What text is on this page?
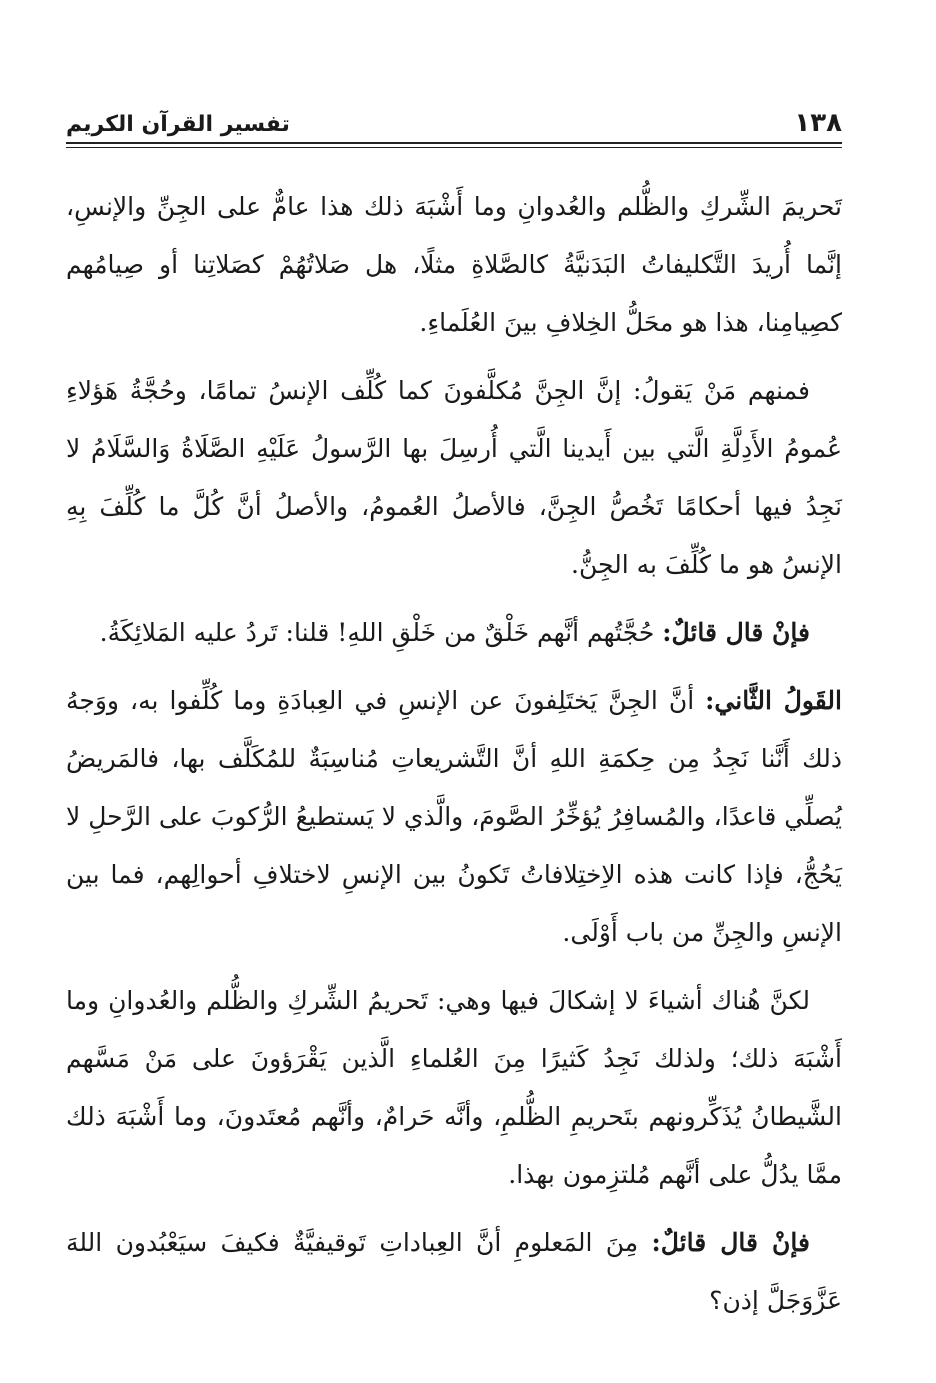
١٣٨
تفسير القرآن الكريم

تَحريمَ الشِّركِ والظُّلم والعُدوانِ وما أَشْبَهَ ذلك هذا عامٌّ على الجِنِّ والإنسِ، إنَّما أُريدَ التَّكليفاتُ البَدَنيَّةُ كالصَّلاةِ مثلًا، هل صَلاتُهُمْ كصَلاتِنا أو صِيامُهم كصِيامِنا، هذا هو محَلُّ الخِلافِ بينَ العُلَماءِ.

فمنهم مَنْ يَقولُ: إنَّ الجِنَّ مُكلَّفونَ كما كُلِّف الإنسُ تمامًا، وحُجَّةُ هَؤلاءِ عُمومُ الأَدِلَّةِ الَّتي بين أَيدينا الَّتي أُرسِلَ بها الرَّسولُ عَلَيْهِ الصَّلَاةُ وَالسَّلَامُ لا نَجِدُ فيها أحكامًا تَخُصُّ الجِنَّ، فالأصلُ العُمومُ، والأصلُ أنَّ كُلَّ ما كُلِّفَ بِهِ الإنسُ هو ما كُلِّفَ به الجِنُّ.

فإنْ قال قائلٌ: حُجَّتُهم أنَّهم خَلْقٌ من خَلْقِ اللهِ! قلنا: تَردُ عليه المَلائِكَةُ.

القَولُ الثَّاني: أنَّ الجِنَّ يَختَلِفونَ عن الإنسِ في العِبادَةِ وما كُلِّفوا به، ووَجهُ ذلك أَنَّنا نَجِدُ مِن حِكمَةِ اللهِ أنَّ التَّشريعاتِ مُناسِبَةٌ للمُكَلَّف بها، فالمَريضُ يُصلِّي قاعدًا، والمُسافِرُ يُؤخِّرُ الصَّومَ، والَّذي لا يَستطيعُ الرُّكوبَ على الرَّحلِ لا يَحُجُّ، فإذا كانت هذه الاِختِلافاتُ تَكونُ بين الإنسِ لاختلافِ أحوالِهم، فما بين الإنسِ والجِنِّ من باب أَوْلَى.

لكنَّ هُناك أشياءَ لا إشكالَ فيها وهي: تَحريمُ الشِّركِ والظُّلم والعُدوانِ وما أَشْبَهَ ذلك؛ ولذلك نَجِدُ كَثيرًا مِنَ العُلماءِ الَّذين يَقْرَؤونَ على مَنْ مَسَّهم الشَّيطانُ يُذَكِّرونهم بتَحريمِ الظُّلمِ، وأنَّه حَرامٌ، وأنَّهم مُعتَدونَ، وما أَشْبَهَ ذلك ممَّا يدُلُّ على أنَّهم مُلتزِمون بهذا.

فإنْ قال قائلٌ: مِنَ المَعلومِ أنَّ العِباداتِ تَوقيفيَّةٌ فكيفَ سيَعْبُدون اللهَ عَزَّوَجَلَّ إذن؟
